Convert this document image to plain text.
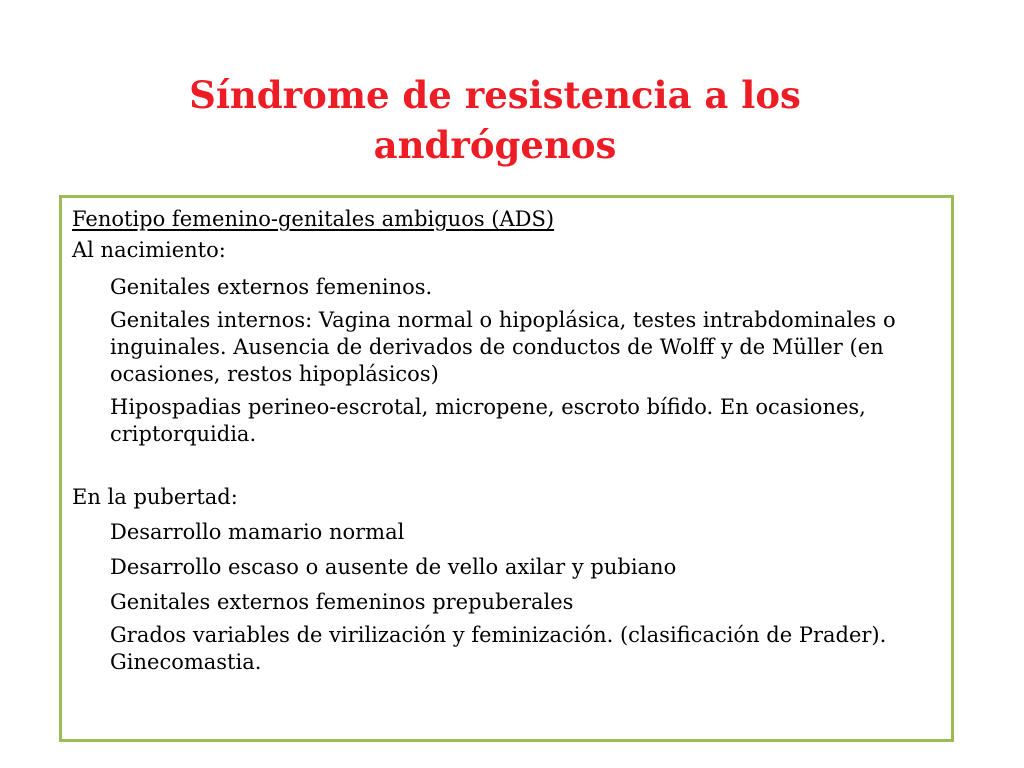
Síndrome de resistencia a los andrógenos

Fenotipo femenino-genitales ambiguos (ADS)

Al nacimiento:

Genitales externos femeninos.

Genitales internos: Vagina normal o hipoplásica, testes intrabdominales o inguinales. Ausencia de derivados de conductos de Wolff y de Müller (en ocasiones, restos hipoplásicos)

Hipospadias perineo-escrotal, micropene, escroto bífido. En ocasiones, criptorquidia.

En la pubertad:

Desarrollo mamario normal

Desarrollo escaso o ausente de vello axilar y pubiano

Genitales externos femeninos prepuberales

Grados variables de virilización y feminización. (clasificación de Prader). Ginecomastia.
